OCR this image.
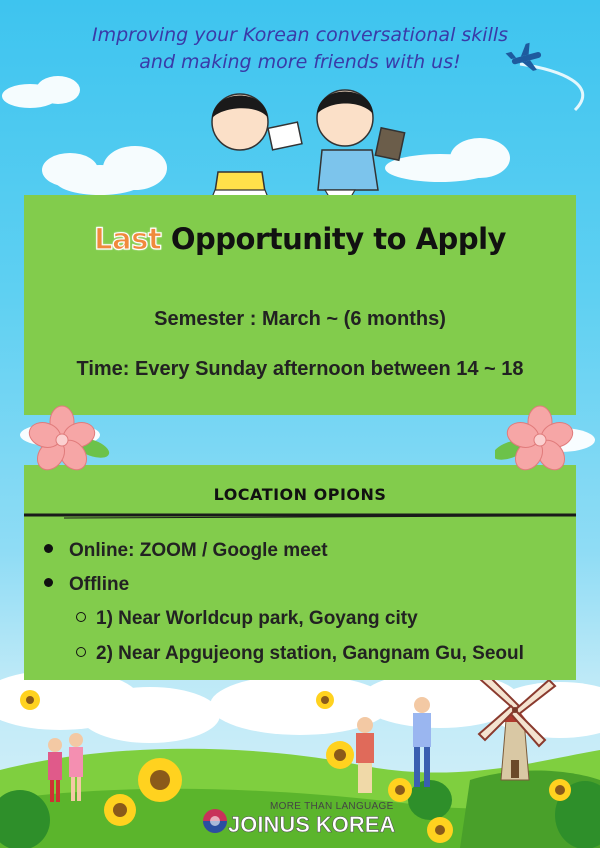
Improving your Korean conversational skills
and making more friends with us!
Last Opportunity to Apply
Semester : March ~ (6 months)
Time: Every Sunday afternoon between 14 ~ 18
LOCATION OPIONS
Online: ZOOM / Google meet
Offline
1) Near Worldcup park, Goyang city
2) Near Apgujeong station, Gangnam Gu, Seoul
MORE THAN LANGUAGE
JOINUS KOREA
